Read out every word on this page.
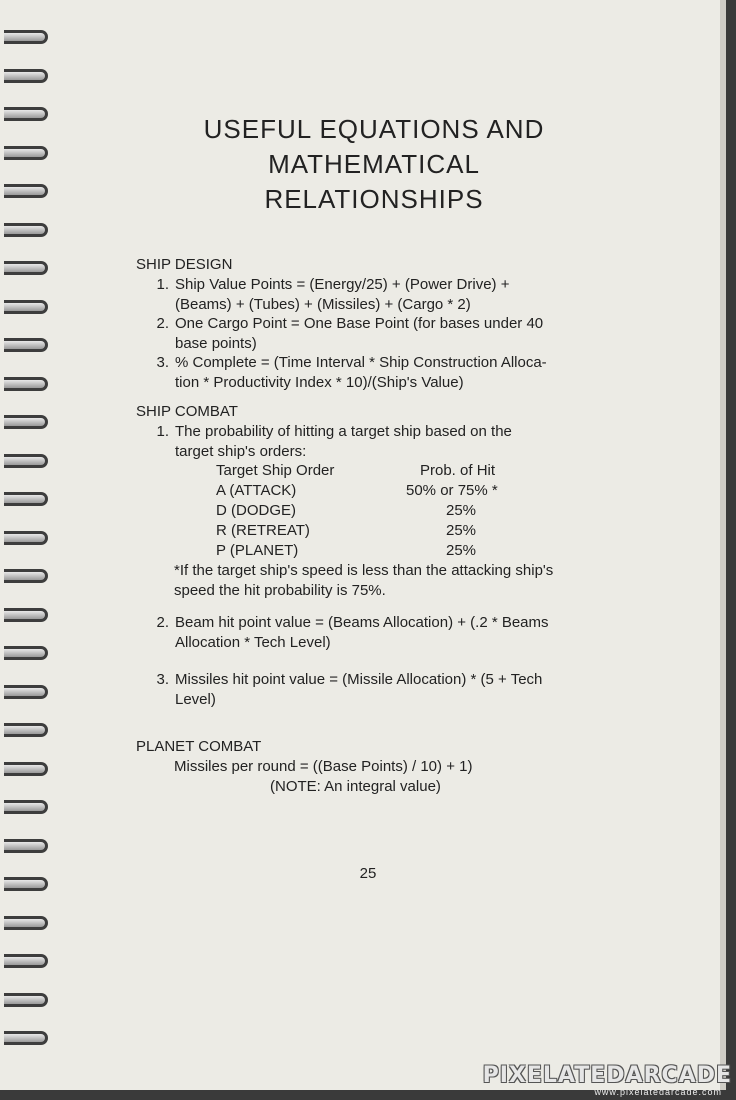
USEFUL EQUATIONS AND
MATHEMATICAL
RELATIONSHIPS
SHIP DESIGN
1. Ship Value Points = (Energy/25) + (Power Drive) +
(Beams) + (Tubes) + (Missiles) + (Cargo * 2)
2. One Cargo Point = One Base Point (for bases under 40
base points)
3. % Complete = (Time Interval * Ship Construction Alloca-
tion * Productivity Index * 10)/(Ship's Value)
SHIP COMBAT
1. The probability of hitting a target ship based on the
target ship's orders:
Target Ship Order	Prob. of Hit
A (ATTACK)	50% or 75% *
D (DODGE)	25%
R (RETREAT)	25%
P (PLANET)	25%
*If the target ship's speed is less than the attacking ship's
speed the hit probability is 75%.
2. Beam hit point value = (Beams Allocation) + (.2 * Beams
Allocation * Tech Level)
3. Missiles hit point value = (Missile Allocation) * (5 + Tech
Level)
PLANET COMBAT
Missiles per round = ((Base Points) / 10) + 1)
(NOTE: An integral value)
25
PIXELATEDARCADE
www.pixelatedarcade.com
